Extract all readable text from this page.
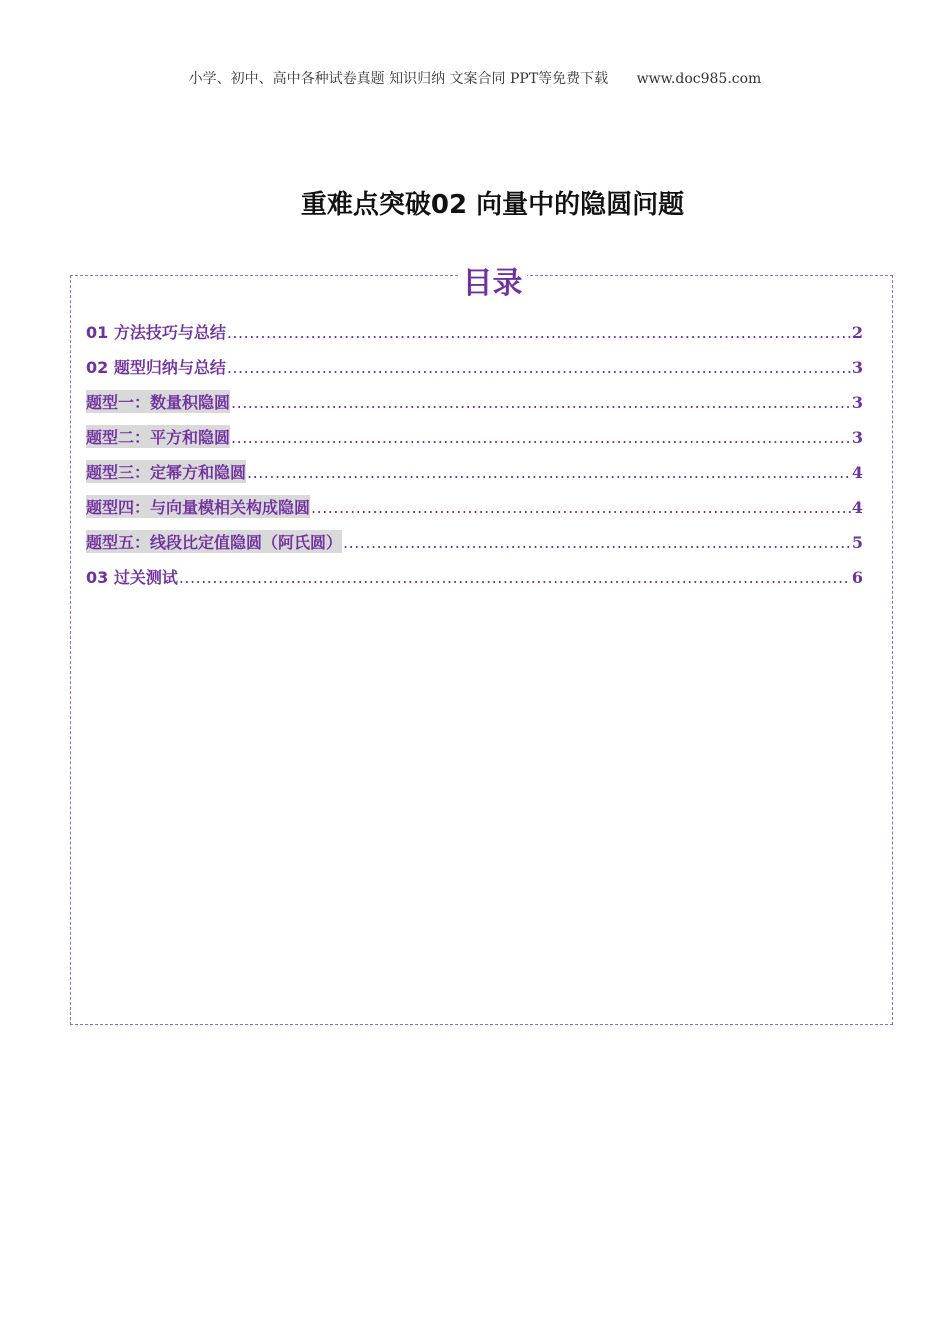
小学、初中、高中各种试卷真题 知识归纳 文案合同 PPT等免费下载 www.doc985.com
重难点突破02 向量中的隐圆问题
目录
01 方法技巧与总结 .....	2
02 题型归纳与总结 .....	3
题型一：数量积隐圆 .....	3
题型二：平方和隐圆 .....	3
题型三：定幂方和隐圆 .....	4
题型四：与向量模相关构成隐圆 .....	4
题型五：线段比定值隐圆（阿氏圆） .....	5
03 过关测试 .....	6
